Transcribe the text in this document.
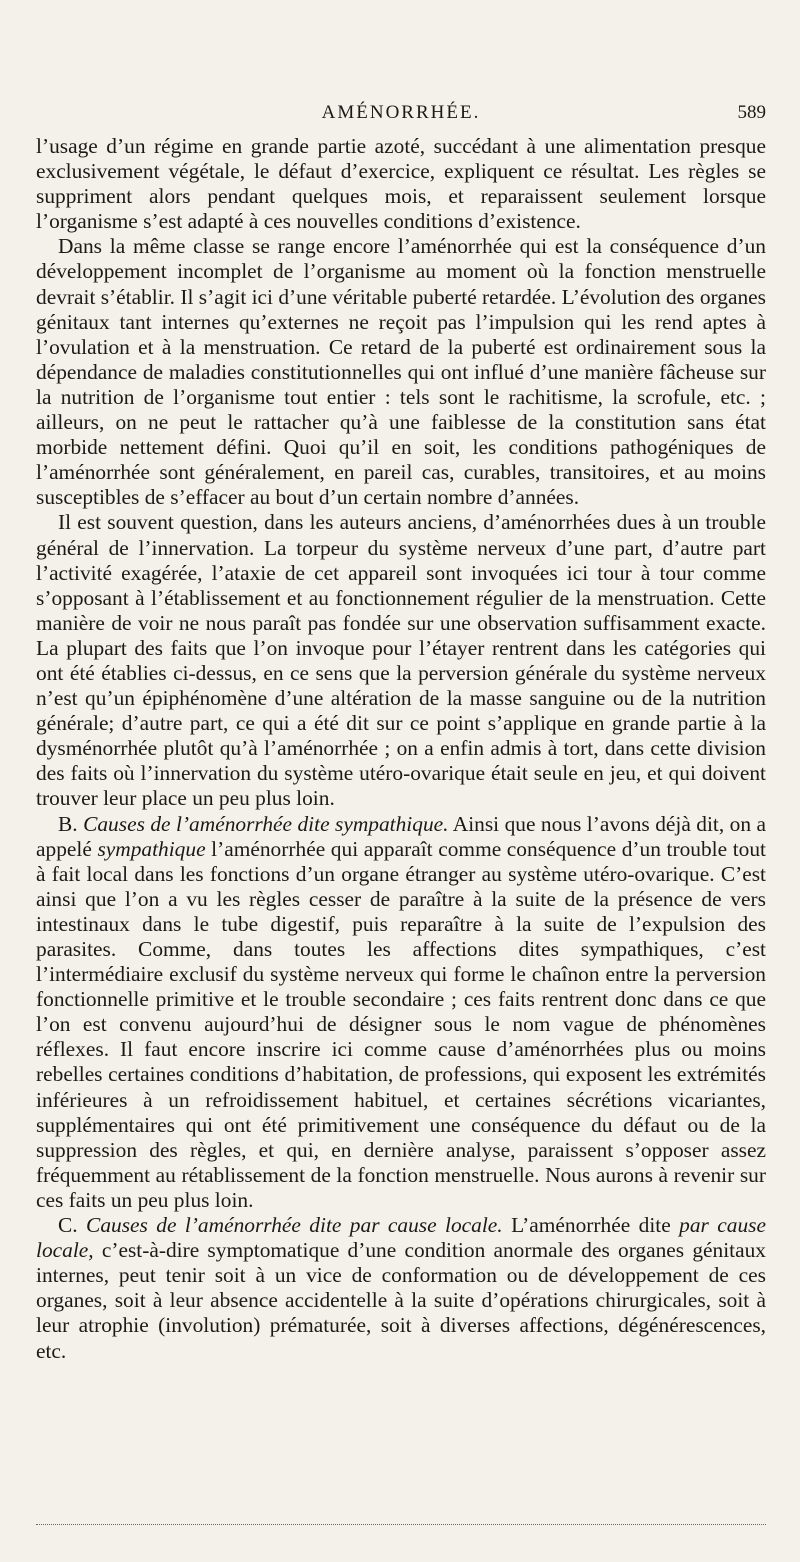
AMÉNORRHÉE.	589

l’usage d’un régime en grande partie azoté, succédant à une alimentation presque exclusivement végétale, le défaut d’exercice, expliquent ce résultat. Les règles se suppriment alors pendant quelques mois, et reparaissent seulement lorsque l’organisme s’est adapté à ces nouvelles conditions d’existence.

Dans la même classe se range encore l’aménorrhée qui est la conséquence d’un développement incomplet de l’organisme au moment où la fonction menstruelle devrait s’établir. Il s’agit ici d’une véritable puberté retardée. L’évolution des organes génitaux tant internes qu’externes ne reçoit pas l’impulsion qui les rend aptes à l’ovulation et à la menstruation. Ce retard de la puberté est ordinairement sous la dépendance de maladies constitutionnelles qui ont influé d’une manière fâcheuse sur la nutrition de l’organisme tout entier : tels sont le rachitisme, la scrofule, etc. ; ailleurs, on ne peut le rattacher qu’à une faiblesse de la constitution sans état morbide nettement défini. Quoi qu’il en soit, les conditions pathogéniques de l’aménorrhée sont généralement, en pareil cas, curables, transitoires, et au moins susceptibles de s’effacer au bout d’un certain nombre d’années.

Il est souvent question, dans les auteurs anciens, d’aménorrhées dues à un trouble général de l’innervation. La torpeur du système nerveux d’une part, d’autre part l’activité exagérée, l’ataxie de cet appareil sont invoquées ici tour à tour comme s’opposant à l’établissement et au fonctionnement régulier de la menstruation. Cette manière de voir ne nous paraît pas fondée sur une observation suffisamment exacte. La plupart des faits que l’on invoque pour l’étayer rentrent dans les catégories qui ont été établies ci-dessus, en ce sens que la perversion générale du système nerveux n’est qu’un épiphénomène d’une altération de la masse sanguine ou de la nutrition générale; d’autre part, ce qui a été dit sur ce point s’applique en grande partie à la dysménorrhée plutôt qu’à l’aménorrhée ; on a enfin admis à tort, dans cette division des faits où l’innervation du système utéro-ovarique était seule en jeu, et qui doivent trouver leur place un peu plus loin.

B. Causes de l’aménorrhée dite sympathique. Ainsi que nous l’avons déjà dit, on a appelé sympathique l’aménorrhée qui apparaît comme conséquence d’un trouble tout à fait local dans les fonctions d’un organe étranger au système utéro-ovarique. C’est ainsi que l’on a vu les règles cesser de paraître à la suite de la présence de vers intestinaux dans le tube digestif, puis reparaître à la suite de l’expulsion des parasites. Comme, dans toutes les affections dites sympathiques, c’est l’intermédiaire exclusif du système nerveux qui forme le chaînon entre la perversion fonctionnelle primitive et le trouble secondaire ; ces faits rentrent donc dans ce que l’on est convenu aujourd’hui de désigner sous le nom vague de phénomènes réflexes. Il faut encore inscrire ici comme cause d’aménorrhées plus ou moins rebelles certaines conditions d’habitation, de professions, qui exposent les extrémités inférieures à un refroidissement habituel, et certaines sécrétions vicariantes, supplémentaires qui ont été primitivement une conséquence du défaut ou de la suppression des règles, et qui, en dernière analyse, paraissent s’opposer assez fréquemment au rétablissement de la fonction menstruelle. Nous aurons à revenir sur ces faits un peu plus loin.

C. Causes de l’aménorrhée dite par cause locale. L’aménorrhée dite par cause locale, c’est-à-dire symptomatique d’une condition anormale des organes génitaux internes, peut tenir soit à un vice de conformation ou de développement de ces organes, soit à leur absence accidentelle à la suite d’opérations chirurgicales, soit à leur atrophie (involution) prématurée, soit à diverses affections, dégénérescences, etc.
